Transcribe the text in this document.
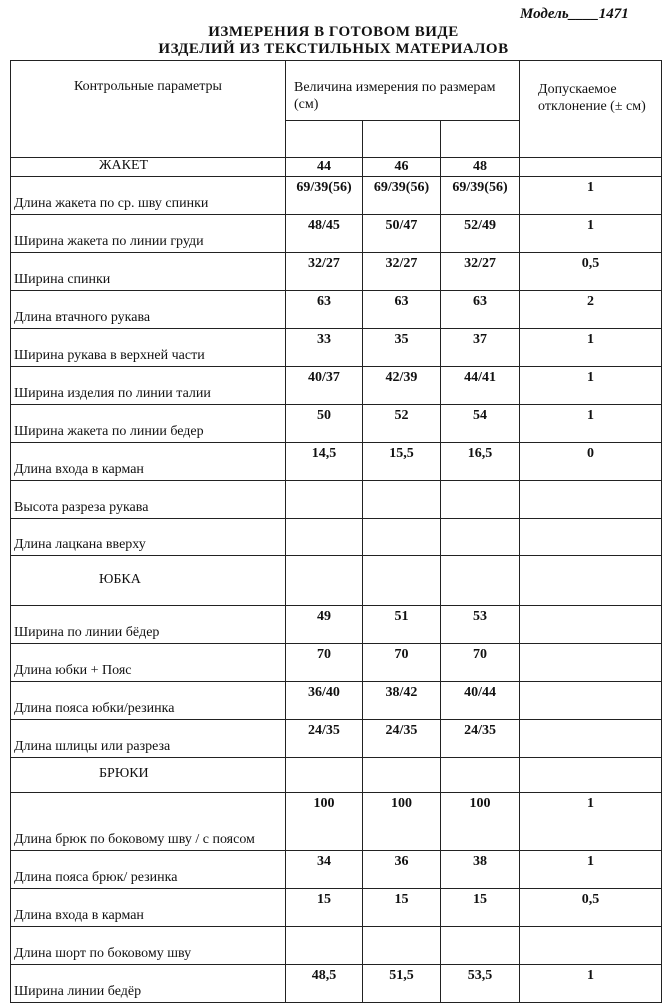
Модель____1471
ИЗМЕРЕНИЯ В ГОТОВОМ ВИДЕ
ИЗДЕЛИЙ ИЗ ТЕКСТИЛЬНЫХ МАТЕРИАЛОВ
Контрольные параметры	Величина измерения по размерам (см)			Допускаемое отклонение (± см)

ЖАКЕТ	44	46	48	
Длина жакета по ср. шву спинки	69/39(56)	69/39(56)	69/39(56)	1
Ширина жакета по линии груди	48/45	50/47	52/49	1
Ширина спинки	32/27	32/27	32/27	0,5
Длина втачного рукава	63	63	63	2
Ширина рукава в верхней части	33	35	37	1
Ширина изделия по линии талии	40/37	42/39	44/41	1
Ширина жакета по линии бедер	50	52	54	1
Длина входа в карман	14,5	15,5	16,5	0
Высота разреза рукава				
Длина лацкана вверху				
ЮБКА				
Ширина по линии бёдер	49	51	53	
Длина юбки + Пояс	70	70	70	
Длина пояса юбки/резинка	36/40	38/42	40/44	
Длина шлицы или разреза	24/35	24/35	24/35	
БРЮКИ				
Длина брюк по боковому шву / с поясом	100	100	100	1
Длина пояса брюк/ резинка	34	36	38	1
Длина входа в карман	15	15	15	0,5
Длина шорт по боковому шву				
Ширина линии бедёр	48,5	51,5	53,5	1
